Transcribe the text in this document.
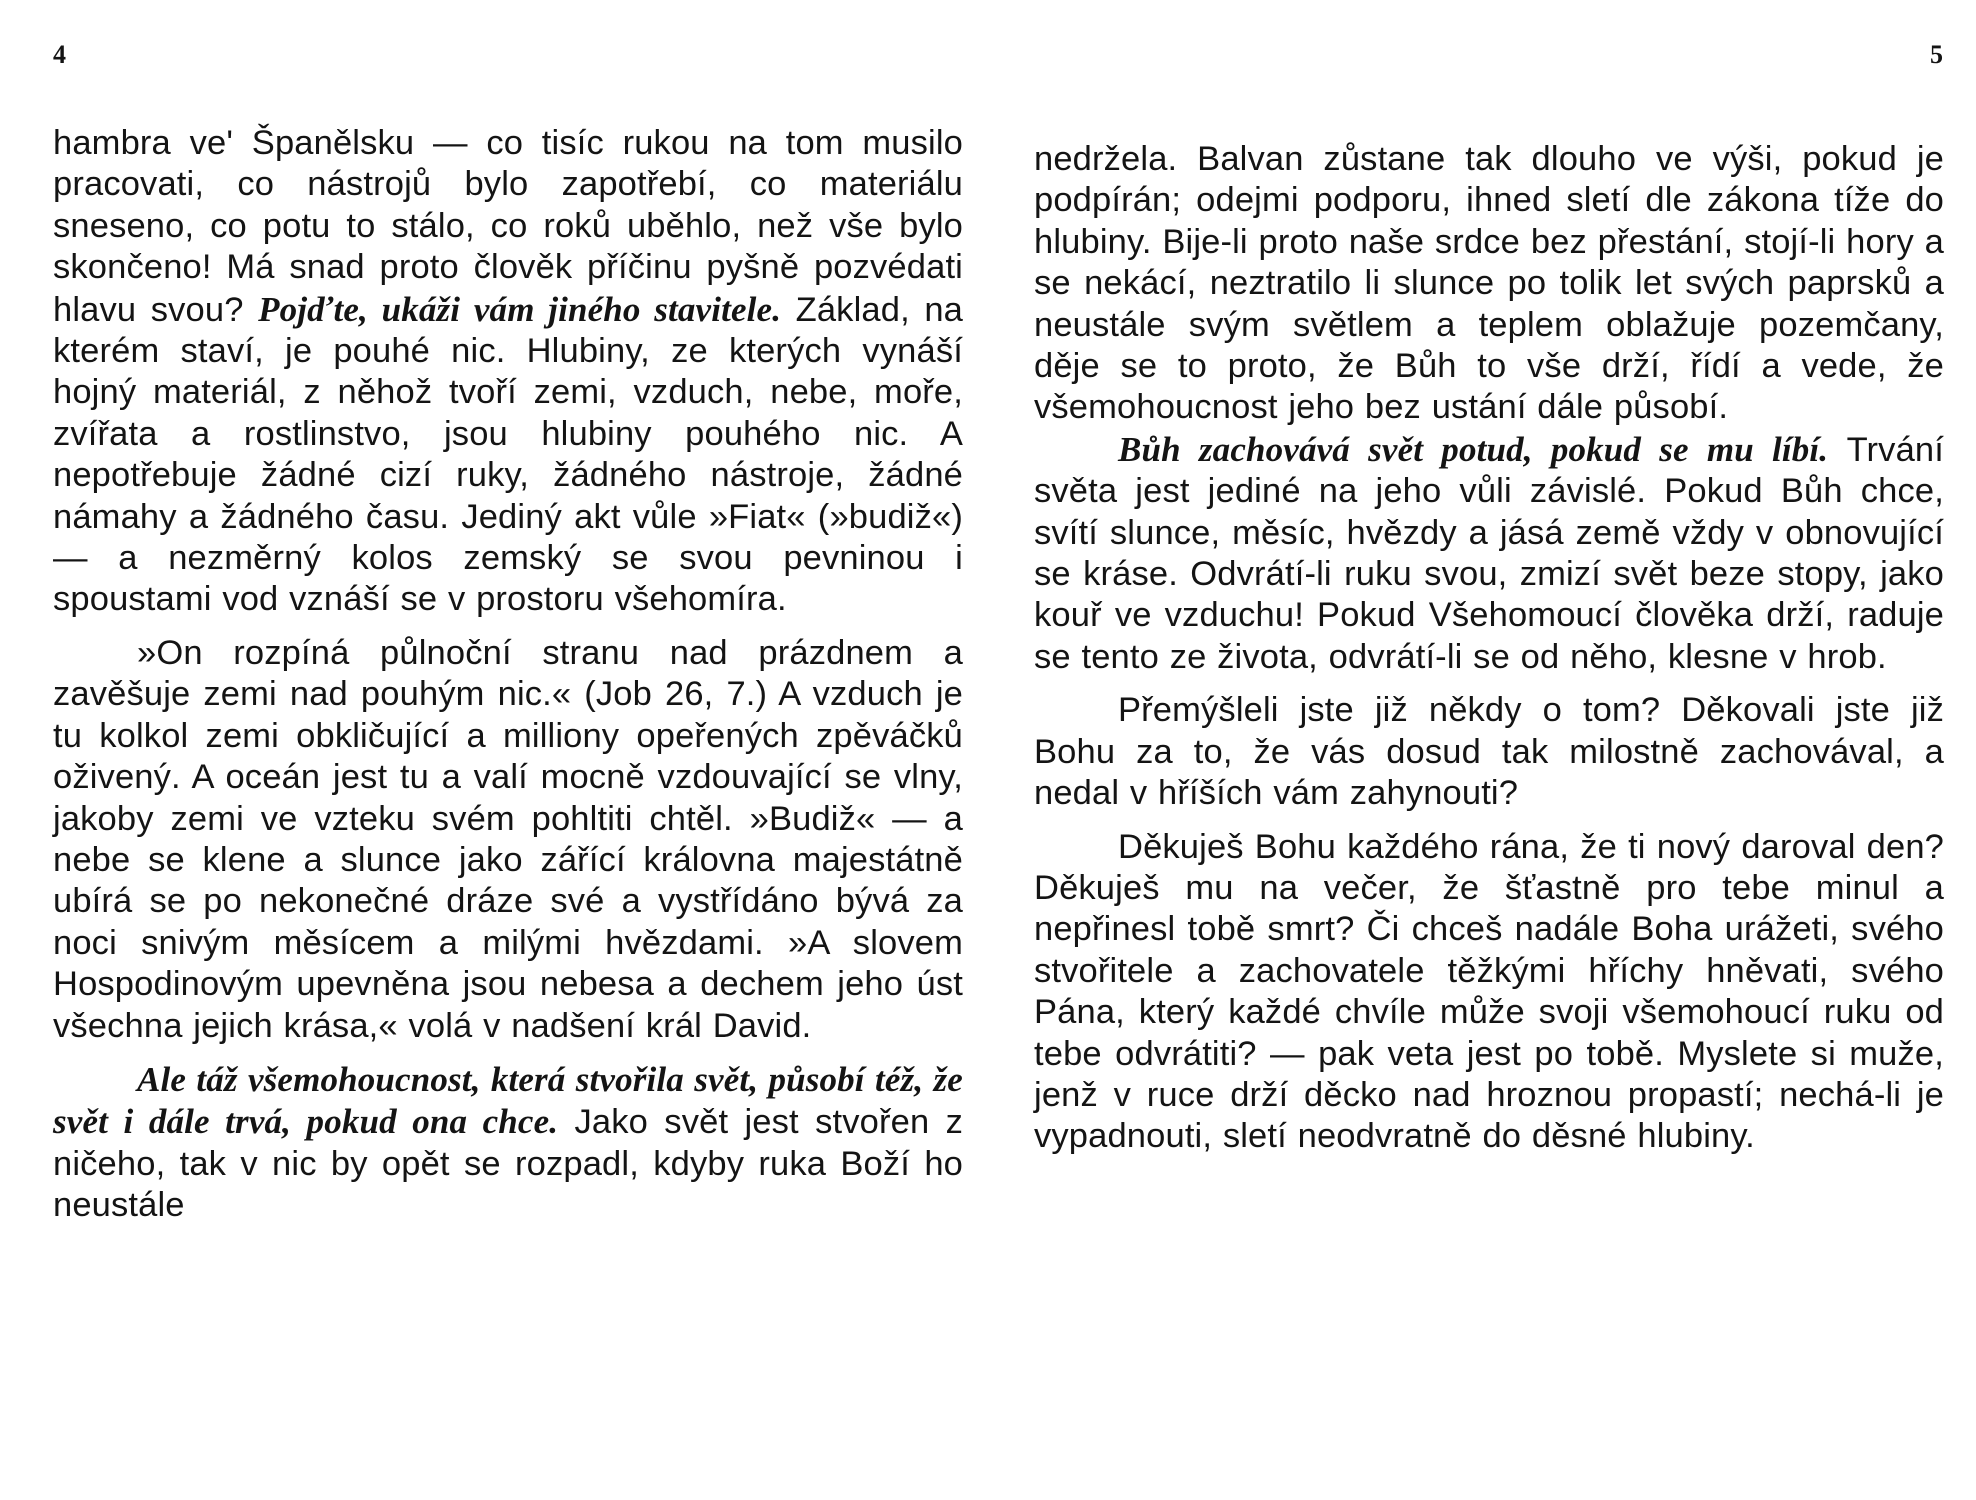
4

hambra ve' Španělsku — co tisíc rukou na tom musilo pracovati, co nástrojů bylo zapotřebí, co materiálu sneseno, co potu to stálo, co roků uběhlo, než vše bylo skončeno! Má snad proto člověk příčinu pyšně pozvédati hlavu svou? Pojďte, ukáži vám jiného stavitele. Základ, na kterém staví, je pouhé nic. Hlubiny, ze kterých vynáší hojný materiál, z něhož tvoří zemi, vzduch, nebe, moře, zvířata a rostlinstvo, jsou hlubiny pouhého nic. A nepotřebuje žádné cizí ruky, žádného nástroje, žádné námahy a žádného času. Jediný akt vůle »Fiat« (»budiž«) — a nezměrný kolos zemský se svou pevninou i spoustami vod vznáší se v prostoru všehomíra.

»On rozpíná půlnoční stranu nad prázdnem a zavěšuje zemi nad pouhým nic.« (Job 26, 7.) A vzduch je tu kolkol zemi obkličující a milliony opeřených zpěváčků oživený. A oceán jest tu a valí mocně vzdouvající se vlny, jakoby zemi ve vzteku svém pohltiti chtěl. »Budiž« — a nebe se klene a slunce jako zářící královna majestátně ubírá se po nekonečné dráze své a vystřídáno bývá za noci snivým měsícem a milými hvězdami. »A slovem Hospodinovým upevněna jsou nebesa a dechem jeho úst všechna jejich krása,« volá v nadšení král David.

Ale táž všemohoucnost, která stvořila svět, působí též, že svět i dále trvá, pokud ona chce. Jako svět jest stvořen z ničeho, tak v nic by opět se rozpadl, kdyby ruka Boží ho neustále

5

nedržela. Balvan zůstane tak dlouho ve výši, pokud je podpírán; odejmi podporu, ihned sletí dle zákona tíže do hlubiny. Bije-li proto naše srdce bez přestání, stojí-li hory a se nekácí, neztratilo li slunce po tolik let svých paprsků a neustále svým světlem a teplem oblažuje pozemčany, děje se to proto, že Bůh to vše drží, řídí a vede, že všemohoucnost jeho bez ustání dále působí.

Bůh zachovává svět potud, pokud se mu líbí. Trvání světa jest jediné na jeho vůli závislé. Pokud Bůh chce, svítí slunce, měsíc, hvězdy a jásá země vždy v obnovující se kráse. Odvrátí-li ruku svou, zmizí svět beze stopy, jako kouř ve vzduchu! Pokud Všehomoucí člověka drží, raduje se tento ze života, odvrátí-li se od něho, klesne v hrob.

Přemýšleli jste již někdy o tom? Děkovali jste již Bohu za to, že vás dosud tak milostně zachovával, a nedal v hříších vám zahynouti?

Děkuješ Bohu každého rána, že ti nový daroval den? Děkuješ mu na večer, že šťastně pro tebe minul a nepřinesl tobě smrt? Či chceš nadále Boha urážeti, svého stvořitele a zachovatele těžkými hříchy hněvati, svého Pána, který každé chvíle může svoji všemohoucí ruku od tebe odvrátiti? — pak veta jest po tobě. Myslete si muže, jenž v ruce drží děcko nad hroznou propastí; nechá-li je vypadnouti, sletí neodvratně do děsné hlubiny.
